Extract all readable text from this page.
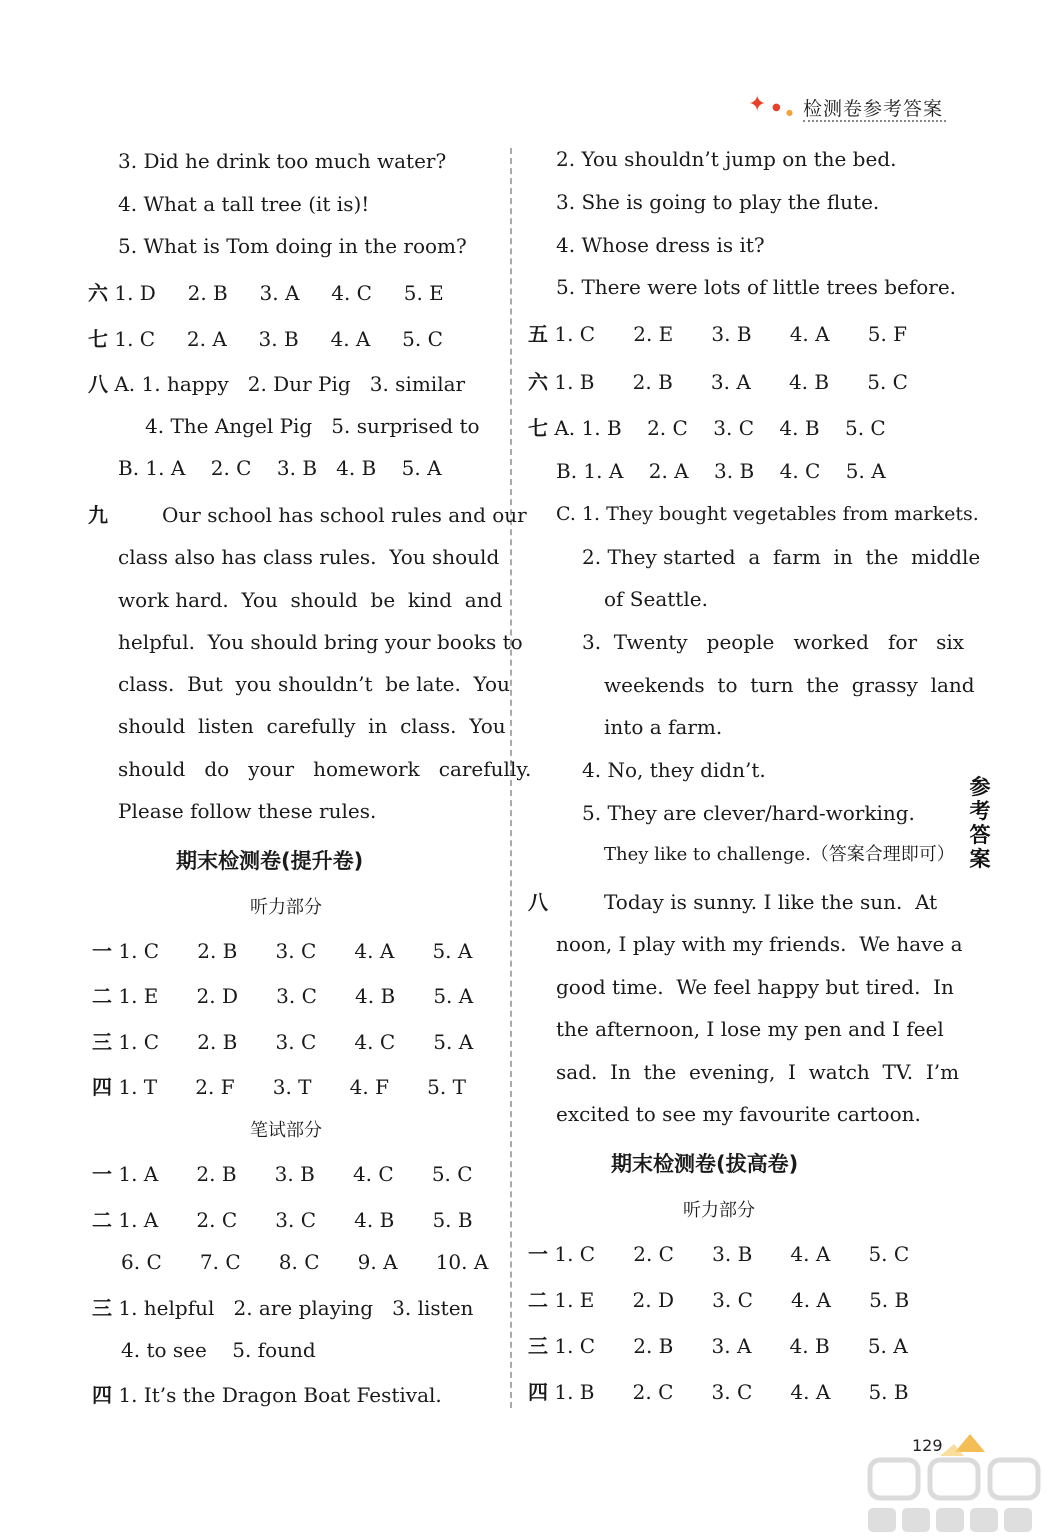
✦ ● ● 检测卷参考答案
3. Did he drink too much water?
4. What a tall tree (it is)!
5. What is Tom doing in the room?
六 1. D     2. B     3. A     4. C     5. E
七 1. C     2. A     3. B     4. A     5. C
八 A. 1. happy   2. Dur Pig   3. similar
4. The Angel Pig   5. surprised to
B. 1. A    2. C    3. B   4. B    5. A
九	Our school has school rules and our
class also has class rules.  You should
work hard.  You  should  be  kind  and
helpful.  You should bring your books to
class.  But  you shouldn’t  be late.  You
should  listen  carefully  in  class.  You
should   do   your   homework   carefully.
Please follow these rules.
期末检测卷(提升卷)
听力部分
一 1. C      2. B      3. C      4. A      5. A
二 1. E      2. D      3. C      4. B      5. A
三 1. C      2. B      3. C      4. C      5. A
四 1. T      2. F      3. T      4. F      5. T
笔试部分
一 1. A      2. B      3. B      4. C      5. C
二 1. A      2. C      3. C      4. B      5. B
6. C      7. C      8. C      9. A      10. A
三 1. helpful   2. are playing   3. listen
4. to see    5. found
四 1. It’s the Dragon Boat Festival.
2. You shouldn’t jump on the bed.
3. She is going to play the flute.
4. Whose dress is it?
5. There were lots of little trees before.
五 1. C      2. E      3. B      4. A      5. F
六 1. B      2. B      3. A      4. B      5. C
七 A. 1. B    2. C    3. C    4. B    5. C
B. 1. A    2. A    3. B    4. C    5. A
C. 1. They bought vegetables from markets.
2. They started  a  farm  in  the  middle
of Seattle.
3.  Twenty   people   worked   for   six
weekends  to  turn  the  grassy  land
into a farm.
4. No, they didn’t.
5. They are clever/hard-working.
They like to challenge.（答案合理即可）
八	Today is sunny. I like the sun.  At
noon, I play with my friends.  We have a
good time.  We feel happy but tired.  In
the afternoon, I lose my pen and I feel
sad.  In  the  evening,  I  watch  TV.  I’m
excited to see my favourite cartoon.
期末检测卷(拔高卷)
听力部分
一 1. C      2. C      3. B      4. A      5. C
二 1. E      2. D      3. C      4. A      5. B
三 1. C      2. B      3. A      4. B      5. A
四 1. B      2. C      3. C      4. A      5. B
参考答案
129
